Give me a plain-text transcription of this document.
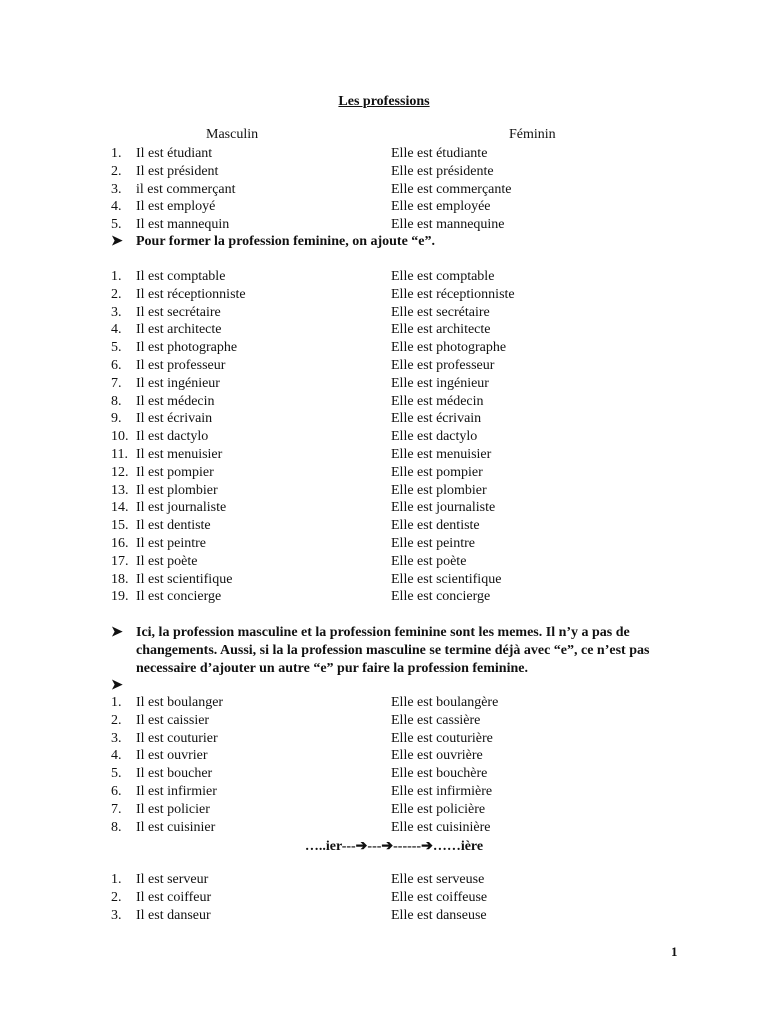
Les professions
Masculin	Féminin
1. Il est étudiant	Elle est étudiante
2. Il est président	Elle est présidente
3. il est commerçant	Elle est commerçante
4. Il est employé	Elle est employée
5. Il est mannequin	Elle est mannequine
➤ Pour former la profession feminine, on ajoute “e”.
1. Il est comptable	Elle est comptable
2. Il est réceptionniste	Elle est réceptionniste
3. Il est secrétaire	Elle est secrétaire
4. Il est architecte	Elle est architecte
5. Il est photographe	Elle est photographe
6. Il est professeur	Elle est professeur
7. Il est ingénieur	Elle est ingénieur
8. Il est médecin	Elle est médecin
9. Il est écrivain	Elle est écrivain
10. Il est dactylo	Elle est dactylo
11. Il est menuisier	Elle est menuisier
12. Il est pompier	Elle est pompier
13. Il est plombier	Elle est plombier
14. Il est journaliste	Elle est journaliste
15. Il est dentiste	Elle est dentiste
16. Il est peintre	Elle est peintre
17. Il est poète	Elle est poète
18. Il est scientifique	Elle est scientifique
19. Il est concierge	Elle est concierge
➤ Ici, la profession masculine et la profession feminine sont les memes. Il n’y a pas de changements. Aussi, si la la profession masculine se termine déjà avec “e”, ce n’est pas necessaire d’ajouter un autre “e” pur faire la profession feminine.
➤
1. Il est boulanger	Elle est boulangère
2. Il est caissier	Elle est cassière
3. Il est couturier	Elle est couturière
4. Il est ouvrier	Elle est ouvrière
5. Il est boucher	Elle est bouchère
6. Il est infirmier	Elle est infirmière
7. Il est policier	Elle est policière
8. Il est cuisinier	Elle est cuisinière
…..ier---➔---➔------➔……ière
1. Il est serveur	Elle est serveuse
2. Il est coiffeur	Elle est coiffeuse
3. Il est danseur	Elle est danseuse
1
